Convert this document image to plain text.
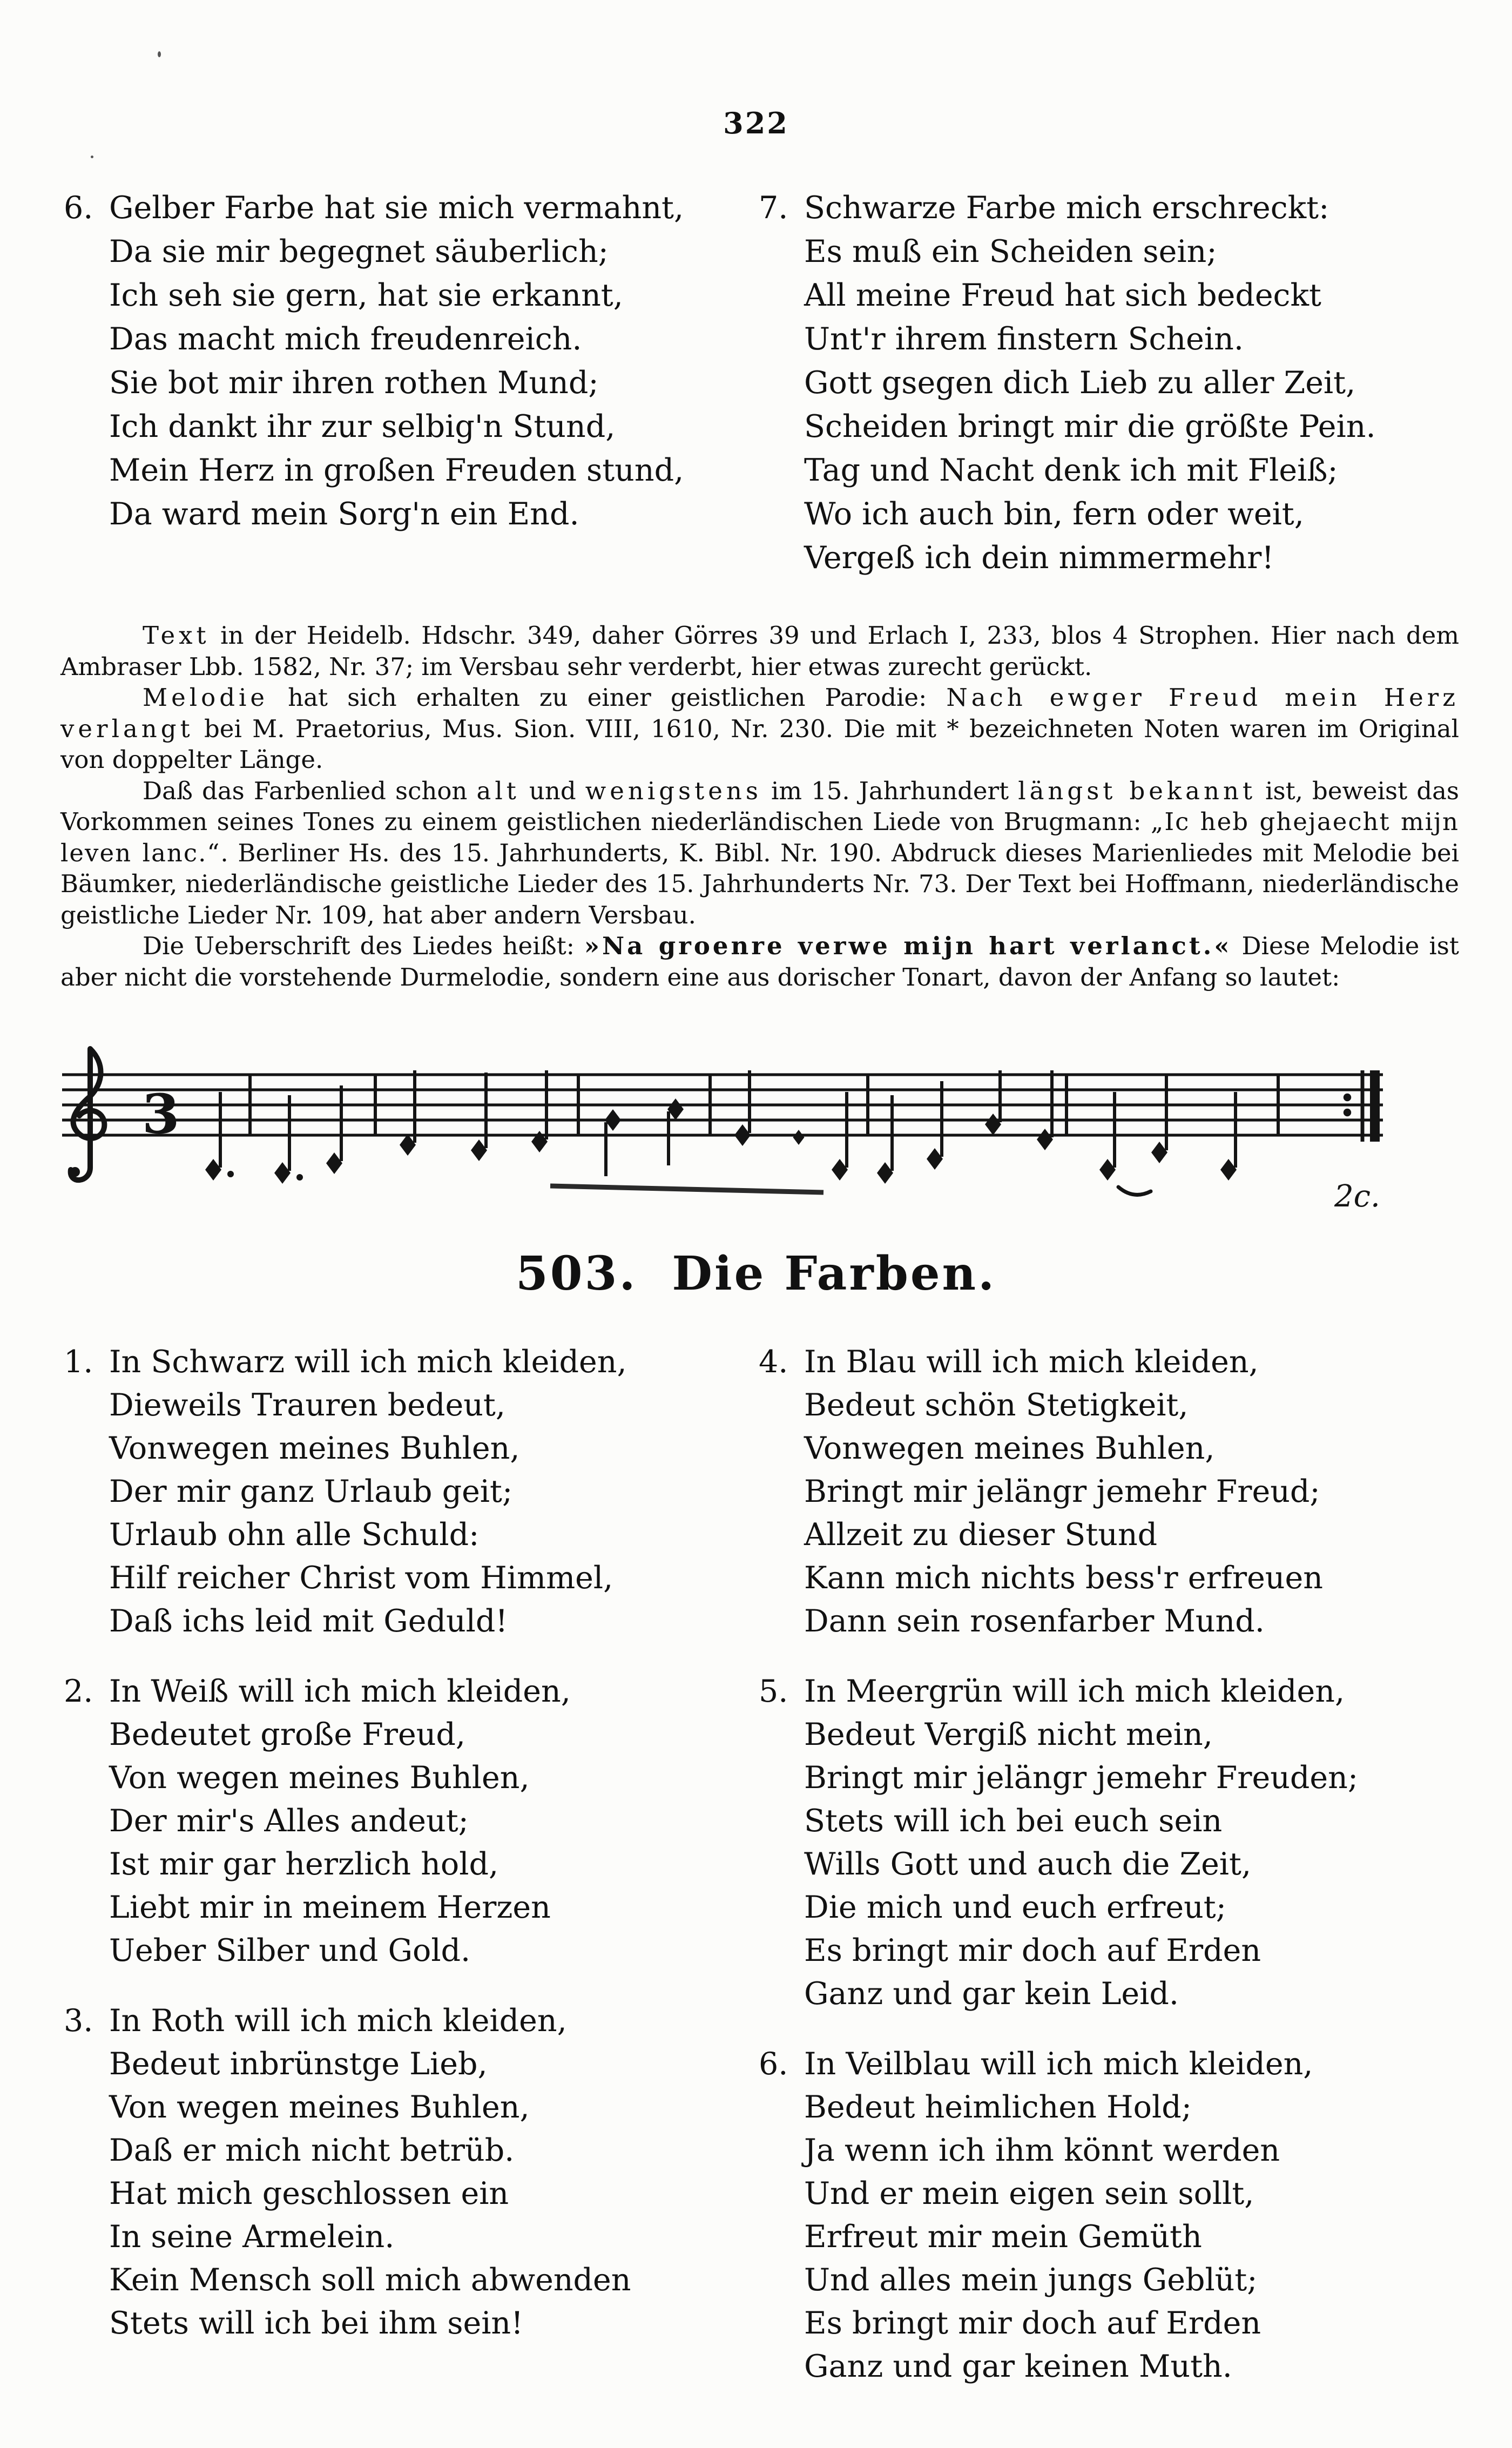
322
6. Gelber Farbe hat sie mich vermahnt,
Da sie mir begegnet säuberlich;
Ich seh sie gern, hat sie erkannt,
Das macht mich freudenreich.
Sie bot mir ihren rothen Mund;
Ich dankt ihr zur selbig'n Stund,
Mein Herz in großen Freuden stund,
Da ward mein Sorg'n ein End.
7. Schwarze Farbe mich erschreckt:
Es muß ein Scheiden sein;
All meine Freud hat sich bedeckt
Unt'r ihrem finstern Schein.
Gott gsegen dich Lieb zu aller Zeit,
Scheiden bringt mir die größte Pein.
Tag und Nacht denk ich mit Fleiß;
Wo ich auch bin, fern oder weit,
Vergeß ich dein nimmermehr!

Text in der Heidelb. Hdschr. 349, daher Görres 39 und Erlach I, 233, blos 4 Strophen. Hier nach dem Ambraser Lbb. 1582, Nr. 37; im Versbau sehr verderbt, hier etwas zurecht gerückt.

Melodie hat sich erhalten zu einer geistlichen Parodie: Nach ewger Freud mein Herz verlangt bei M. Praetorius, Mus. Sion. VIII, 1610, Nr. 230. Die mit * bezeichneten Noten waren im Original von doppelter Länge.

Daß das Farbenlied schon alt und wenigstens im 15. Jahrhundert längst bekannt ist, beweist das Vorkommen seines Tones zu einem geistlichen niederländischen Liede von Brugmann: „Ic heb ghejaecht mijn leven lanc.“. Berliner Hs. des 15. Jahrhunderts, K. Bibl. Nr. 190. Abdruck dieses Marienliedes mit Melodie bei Bäumker, niederländische geistliche Lieder des 15. Jahrhunderts Nr. 73. Der Text bei Hoffmann, niederländische geistliche Lieder Nr. 109, hat aber andern Versbau.

Die Ueberschrift des Liedes heißt: »Na groenre verwe mijn hart verlanct.« Diese Melodie ist aber nicht die vorstehende Durmelodie, sondern eine aus dorischer Tonart, davon der Anfang so lautet:

3
2c.
503. Die Farben.
1. In Schwarz will ich mich kleiden,
Dieweils Trauren bedeut,
Vonwegen meines Buhlen,
Der mir ganz Urlaub geit;
Urlaub ohn alle Schuld:
Hilf reicher Christ vom Himmel,
Daß ichs leid mit Geduld!
2. In Weiß will ich mich kleiden,
Bedeutet große Freud,
Von wegen meines Buhlen,
Der mir's Alles andeut;
Ist mir gar herzlich hold,
Liebt mir in meinem Herzen
Ueber Silber und Gold.
3. In Roth will ich mich kleiden,
Bedeut inbrünstge Lieb,
Von wegen meines Buhlen,
Daß er mich nicht betrüb.
Hat mich geschlossen ein
In seine Armelein.
Kein Mensch soll mich abwenden
Stets will ich bei ihm sein!
4. In Blau will ich mich kleiden,
Bedeut schön Stetigkeit,
Vonwegen meines Buhlen,
Bringt mir jelängr jemehr Freud;
Allzeit zu dieser Stund
Kann mich nichts bess'r erfreuen
Dann sein rosenfarber Mund.
5. In Meergrün will ich mich kleiden,
Bedeut Vergiß nicht mein,
Bringt mir jelängr jemehr Freuden;
Stets will ich bei euch sein
Wills Gott und auch die Zeit,
Die mich und euch erfreut;
Es bringt mir doch auf Erden
Ganz und gar kein Leid.
6. In Veilblau will ich mich kleiden,
Bedeut heimlichen Hold;
Ja wenn ich ihm könnt werden
Und er mein eigen sein sollt,
Erfreut mir mein Gemüth
Und alles mein jungs Geblüt;
Es bringt mir doch auf Erden
Ganz und gar keinen Muth.
